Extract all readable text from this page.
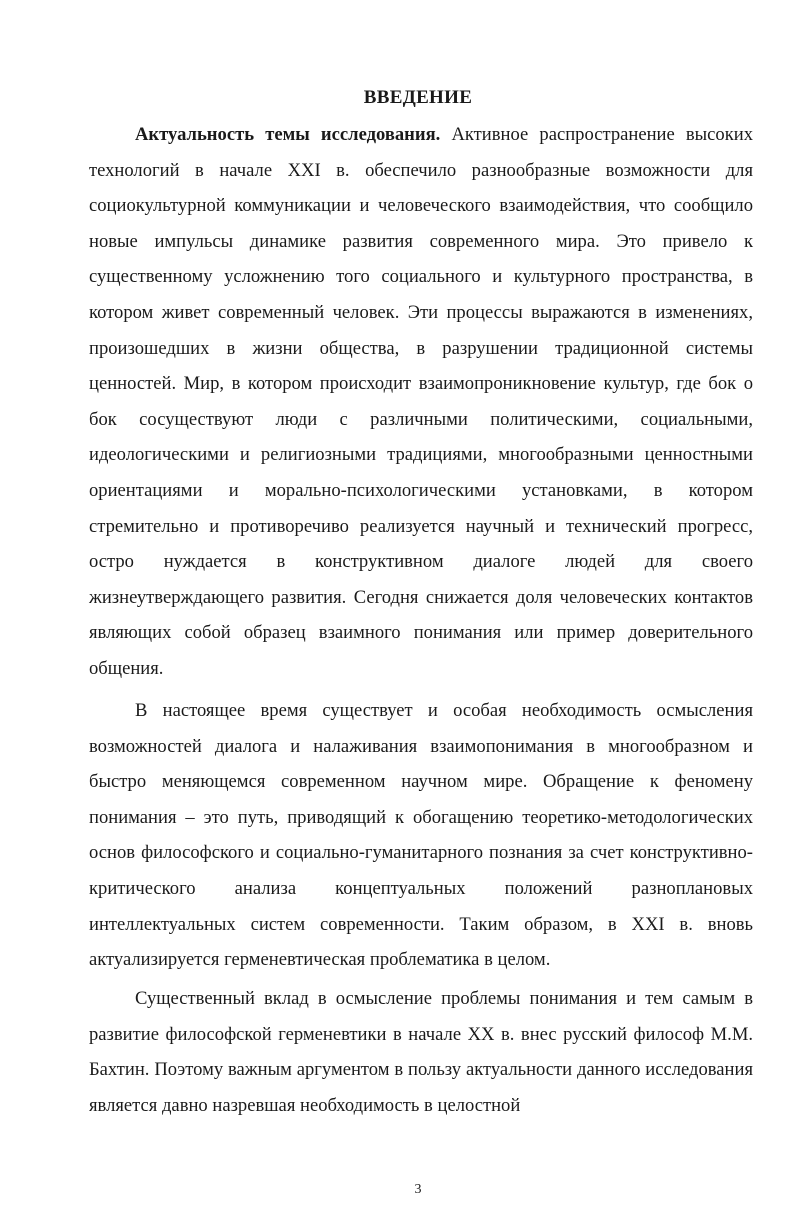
ВВЕДЕНИЕ

Актуальность темы исследования. Активное распространение высоких технологий в начале XXI в. обеспечило разнообразные возможности для социокультурной коммуникации и человеческого взаимодействия, что сообщило новые импульсы динамике развития современного мира. Это привело к существенному усложнению того социального и культурного пространства, в котором живет современный человек. Эти процессы выражаются в изменениях, произошедших в жизни общества, в разрушении традиционной системы ценностей. Мир, в котором происходит взаимопроникновение культур, где бок о бок сосуществуют люди с различными политическими, социальными, идеологическими и религиозными традициями, многообразными ценностными ориентациями и морально-психологическими установками, в котором стремительно и противоречиво реализуется научный и технический прогресс, остро нуждается в конструктивном диалоге людей для своего жизнеутверждающего развития. Сегодня снижается доля человеческих контактов являющих собой образец взаимного понимания или пример доверительного общения.

В настоящее время существует и особая необходимость осмысления возможностей диалога и налаживания взаимопонимания в многообразном и быстро меняющемся современном научном мире. Обращение к феномену понимания – это путь, приводящий к обогащению теоретико-методологических основ философского и социально-гуманитарного познания за счет конструктивно-критического анализа концептуальных положений разноплановых интеллектуальных систем современности. Таким образом, в XXI в. вновь актуализируется герменевтическая проблематика в целом.

Существенный вклад в осмысление проблемы понимания и тем самым в развитие философской герменевтики в начале XX в. внес русский философ М.М. Бахтин. Поэтому важным аргументом в пользу актуальности данного исследования является давно назревшая необходимость в целостной

3
